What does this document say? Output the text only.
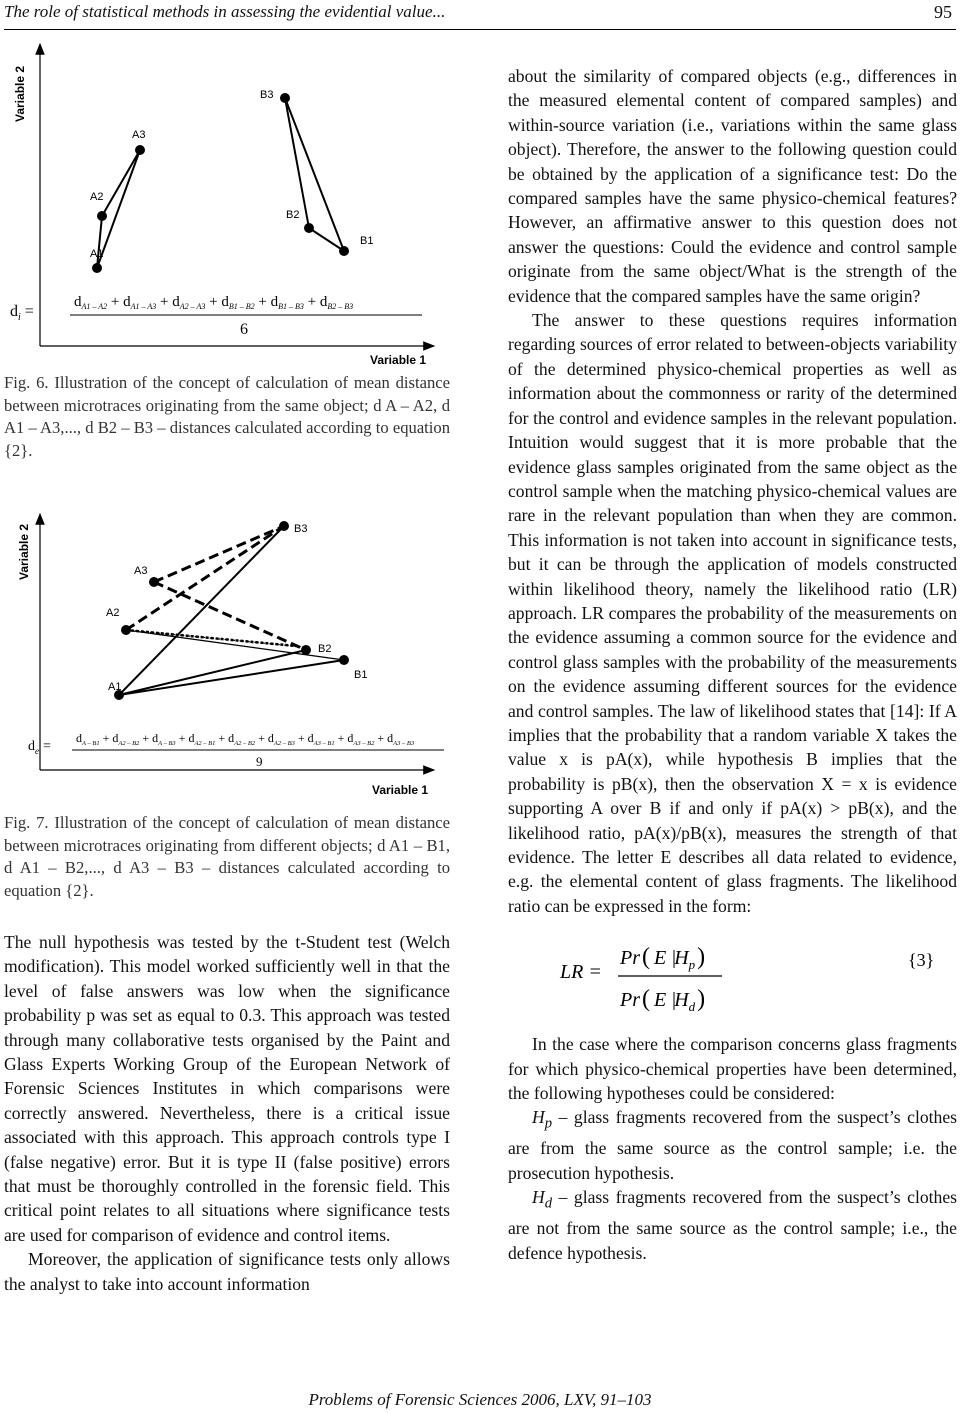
The role of statistical methods in assessing the evidential value...	95
Variable 2
Variable 1
A1
A2
A3
B1
B2
B3
$d_i$ =
$d_{A1 - A2} + d_{A1 - A3} + d_{A2 - A3} + d_{B1 - B2} + d_{B1 - B3} + d_{B2 - B3}$
6
Fig. 6. Illustration of the concept of calculation of mean distance between microtraces originating from the same object; d A – A2, d A1 – A3,..., d B2 – B3 – distances calculated according to equation {2}.
Variable 2
Variable 1
A1
A2
A3
B1
B2
B3
$d_e$ =
$d_{A - B1} + d_{A2 - B2} + d_{A - B3} + d_{A2 - B1} + d_{A2 - B2} + d_{A2 - B3} + d_{A3 - B1} + d_{A3 - B2} + d_{A3 - B3}$
9
Fig. 7. Illustration of the concept of calculation of mean distance between microtraces originating from different objects; d A1 – B1, d A1 – B2,..., d A3 – B3 – distances calculated according to equation {2}.

The null hypothesis was tested by the t-Student test (Welch modification). This model worked sufficiently well in that the level of false answers was low when the significance probability p was set as equal to 0.3. This approach was tested through many collaborative tests organised by the Paint and Glass Experts Working Group of the European Network of Forensic Sciences Institutes in which comparisons were correctly answered. Nevertheless, there is a critical issue associated with this approach. This approach controls type I (false negative) error. But it is type II (false positive) errors that must be thoroughly controlled in the forensic field. This critical point relates to all situations where significance tests are used for comparison of evidence and control items.

Moreover, the application of significance tests only allows the analyst to take into account information

about the similarity of compared objects (e.g., differences in the measured elemental content of compared samples) and within-source variation (i.e., variations within the same glass object). Therefore, the answer to the following question could be obtained by the application of a significance test: Do the compared samples have the same physico-chemical features? However, an affirmative answer to this question does not answer the questions: Could the evidence and control sample originate from the same object/What is the strength of the evidence that the compared samples have the same origin?

The answer to these questions requires information regarding sources of error related to between-objects variability of the determined physico-chemical properties as well as information about the commonness or rarity of the determined for the control and evidence samples in the relevant population. Intuition would suggest that it is more probable that the evidence glass samples originated from the same object as the control sample when the matching physico-chemical values are rare in the relevant population than when they are common. This information is not taken into account in significance tests, but it can be through the application of models constructed within likelihood theory, namely the likelihood ratio (LR) approach. LR compares the probability of the measurements on the evidence assuming a common source for the evidence and control glass samples with the probability of the measurements on the evidence assuming different sources for the evidence and control samples. The law of likelihood states that [14]: If A implies that the probability that a random variable X takes the value x is pA(x), while hypothesis B implies that the probability is pB(x), then the observation X = x is evidence supporting A over B if and only if pA(x) > pB(x), and the likelihood ratio, pA(x)/pB(x), measures the strength of that evidence. The letter E describes all data related to evidence, e.g. the elemental content of glass fragments. The likelihood ratio can be expressed in the form:

LR =
Pr( E $H_p$)
Pr( E $H_d$)
{3}

In the case where the comparison concerns glass fragments for which physico-chemical properties have been determined, the following hypotheses could be considered:

$H_p$ – glass fragments recovered from the suspect’s clothes are from the same source as the control sample; i.e. the prosecution hypothesis.

$H_d$ – glass fragments recovered from the suspect’s clothes are not from the same source as the control sample; i.e., the defence hypothesis.

Problems of Forensic Sciences 2006, LXV, 91–103
